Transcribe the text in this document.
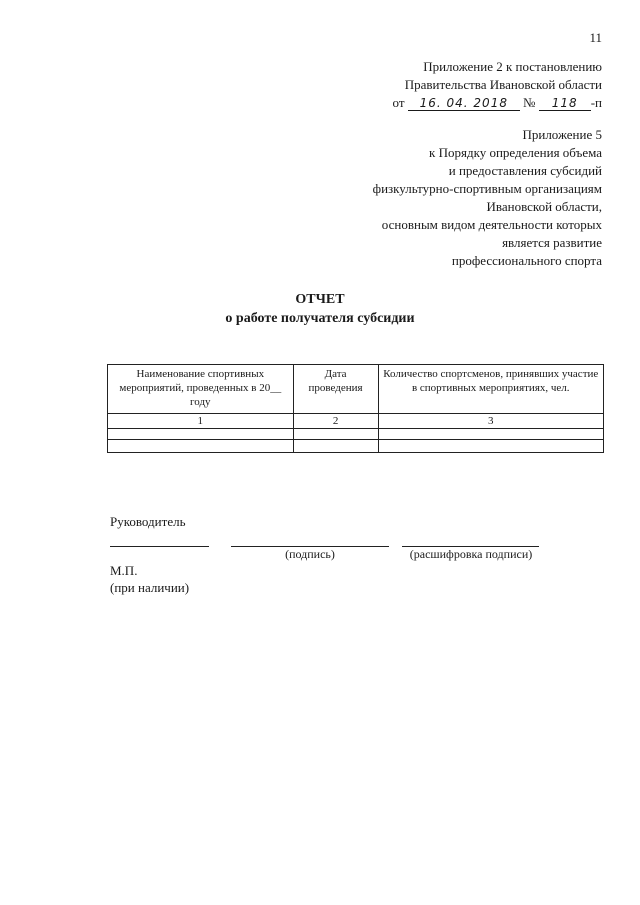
11
Приложение 2 к постановлению
Правительства Ивановской области
от 16. 04. 2018 № 118 -п
Приложение 5
к Порядку определения объема
и предоставления субсидий
физкультурно-спортивным организациям
Ивановской области,
основным видом деятельности которых
является развитие
профессионального спорта
ОТЧЕТ
о работе получателя субсидии
Наименование спортивных мероприятий, проведенных в 20__ году	Дата проведения	Количество спортсменов, принявших участие в спортивных мероприятиях, чел.
1	2	3

Руководитель
(подпись)	(расшифровка подписи)
М.П.
(при наличии)
